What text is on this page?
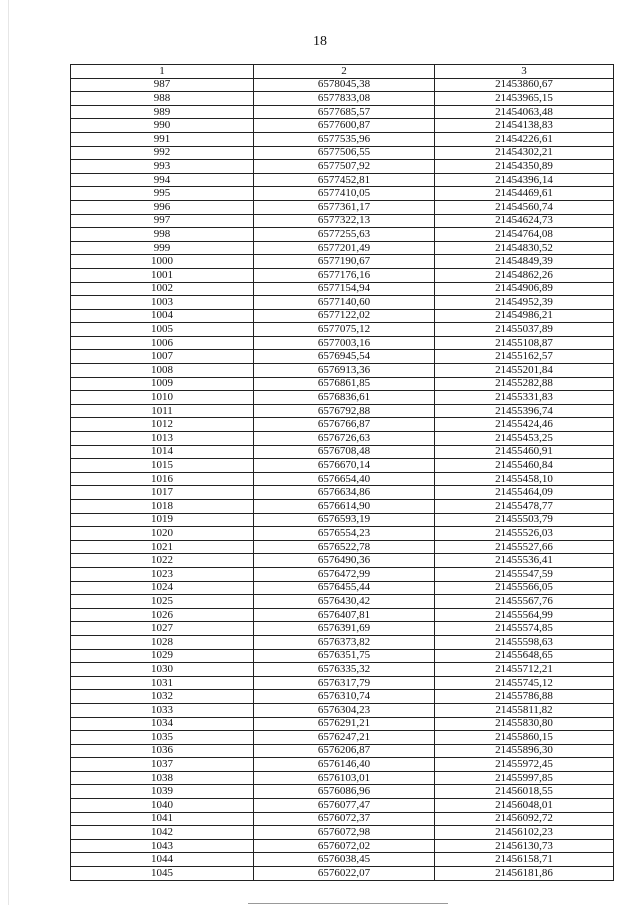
18
1	2	3
987	6578045,38	21453860,67
988	6577833,08	21453965,15
989	6577685,57	21454063,48
990	6577600,87	21454138,83
991	6577535,96	21454226,61
992	6577506,55	21454302,21
993	6577507,92	21454350,89
994	6577452,81	21454396,14
995	6577410,05	21454469,61
996	6577361,17	21454560,74
997	6577322,13	21454624,73
998	6577255,63	21454764,08
999	6577201,49	21454830,52
1000	6577190,67	21454849,39
1001	6577176,16	21454862,26
1002	6577154,94	21454906,89
1003	6577140,60	21454952,39
1004	6577122,02	21454986,21
1005	6577075,12	21455037,89
1006	6577003,16	21455108,87
1007	6576945,54	21455162,57
1008	6576913,36	21455201,84
1009	6576861,85	21455282,88
1010	6576836,61	21455331,83
1011	6576792,88	21455396,74
1012	6576766,87	21455424,46
1013	6576726,63	21455453,25
1014	6576708,48	21455460,91
1015	6576670,14	21455460,84
1016	6576654,40	21455458,10
1017	6576634,86	21455464,09
1018	6576614,90	21455478,77
1019	6576593,19	21455503,79
1020	6576554,23	21455526,03
1021	6576522,78	21455527,66
1022	6576490,36	21455536,41
1023	6576472,99	21455547,59
1024	6576455,44	21455566,05
1025	6576430,42	21455567,76
1026	6576407,81	21455564,99
1027	6576391,69	21455574,85
1028	6576373,82	21455598,63
1029	6576351,75	21455648,65
1030	6576335,32	21455712,21
1031	6576317,79	21455745,12
1032	6576310,74	21455786,88
1033	6576304,23	21455811,82
1034	6576291,21	21455830,80
1035	6576247,21	21455860,15
1036	6576206,87	21455896,30
1037	6576146,40	21455972,45
1038	6576103,01	21455997,85
1039	6576086,96	21456018,55
1040	6576077,47	21456048,01
1041	6576072,37	21456092,72
1042	6576072,98	21456102,23
1043	6576072,02	21456130,73
1044	6576038,45	21456158,71
1045	6576022,07	21456181,86
